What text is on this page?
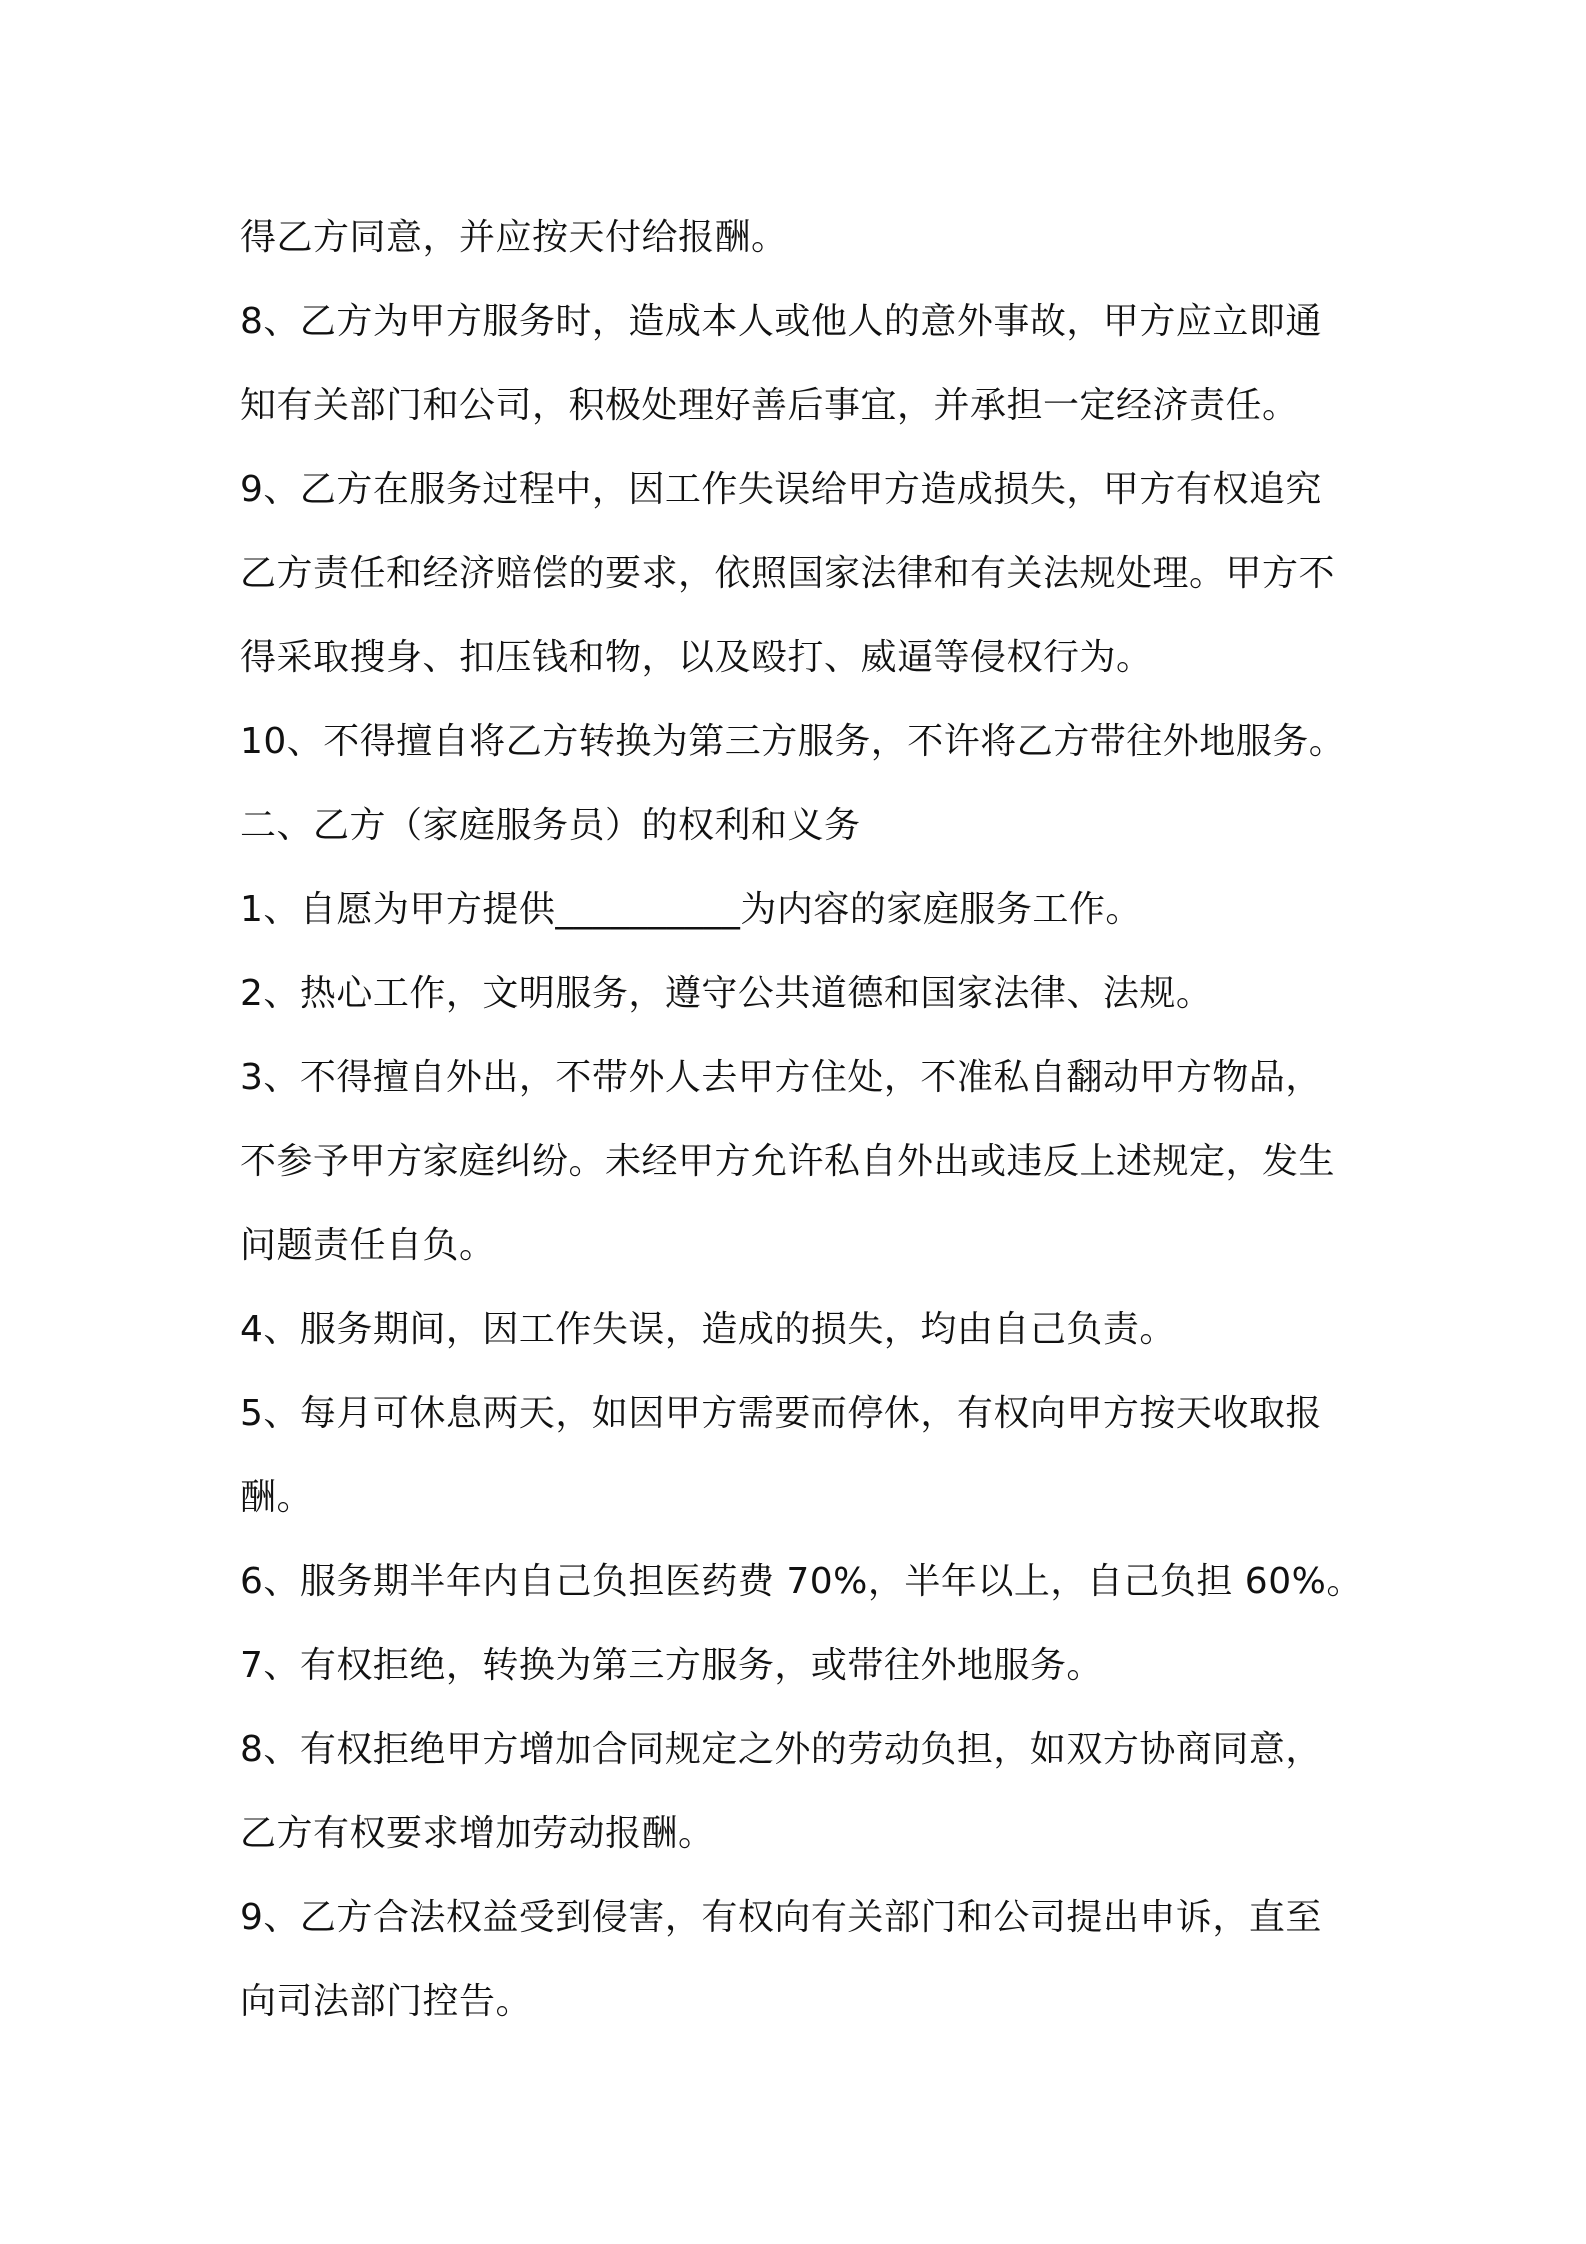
得乙方同意，并应按天付给报酬。
8、乙方为甲方服务时，造成本人或他人的意外事故，甲方应立即通
知有关部门和公司，积极处理好善后事宜，并承担一定经济责任。
9、乙方在服务过程中，因工作失误给甲方造成损失，甲方有权追究
乙方责任和经济赔偿的要求，依照国家法律和有关法规处理。甲方不
得采取搜身、扣压钱和物，以及殴打、威逼等侵权行为。
10、不得擅自将乙方转换为第三方服务，不许将乙方带往外地服务。
二、乙方（家庭服务员）的权利和义务
1、自愿为甲方提供__________为内容的家庭服务工作。
2、热心工作，文明服务，遵守公共道德和国家法律、法规。
3、不得擅自外出，不带外人去甲方住处，不准私自翻动甲方物品，
不参予甲方家庭纠纷。未经甲方允许私自外出或违反上述规定，发生
问题责任自负。
4、服务期间，因工作失误，造成的损失，均由自己负责。
5、每月可休息两天，如因甲方需要而停休，有权向甲方按天收取报
酬。
6、服务期半年内自己负担医药费 70%，半年以上，自己负担 60%。
7、有权拒绝，转换为第三方服务，或带往外地服务。
8、有权拒绝甲方增加合同规定之外的劳动负担，如双方协商同意，
乙方有权要求增加劳动报酬。
9、乙方合法权益受到侵害，有权向有关部门和公司提出申诉，直至
向司法部门控告。
